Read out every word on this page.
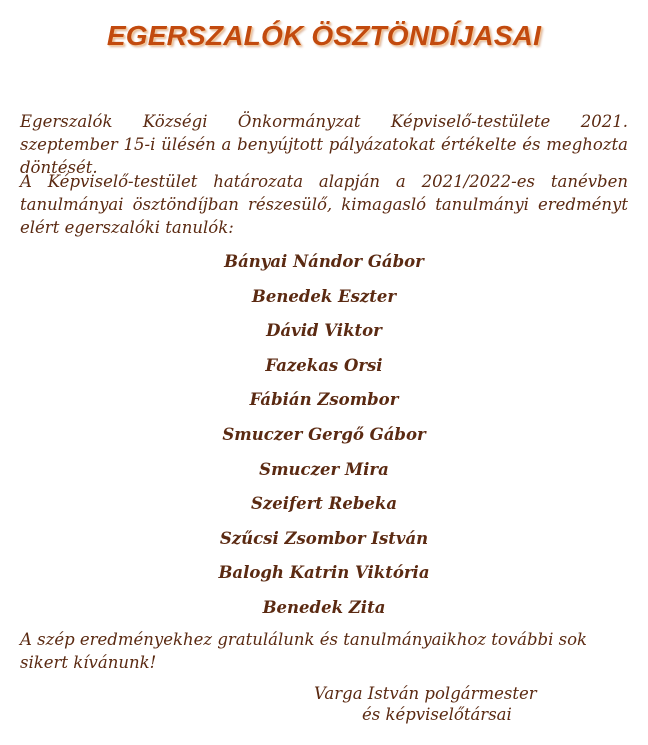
EGERSZALÓK ÖSZTÖNDÍJASAI

Egerszalók Községi Önkormányzat Képviselő-testülete 2021. szeptember 15-i ülésén a benyújtott pályázatokat értékelte és meghozta döntését.

A Képviselő-testület határozata alapján a 2021/2022-es tanévben tanulmányai ösztöndíjban részesülő, kimagasló tanulmányi eredményt elért egerszalóki tanulók:

Bányai Nándor Gábor
Benedek Eszter
Dávid Viktor
Fazekas Orsi
Fábián Zsombor
Smuczer Gergő Gábor
Smuczer Mira
Szeifert Rebeka
Szűcsi Zsombor István
Balogh Katrin Viktória
Benedek Zita

A szép eredményekhez gratulálunk és tanulmányaikhoz további sok sikert kívánunk!

Varga István polgármester
és képviselőtársai
